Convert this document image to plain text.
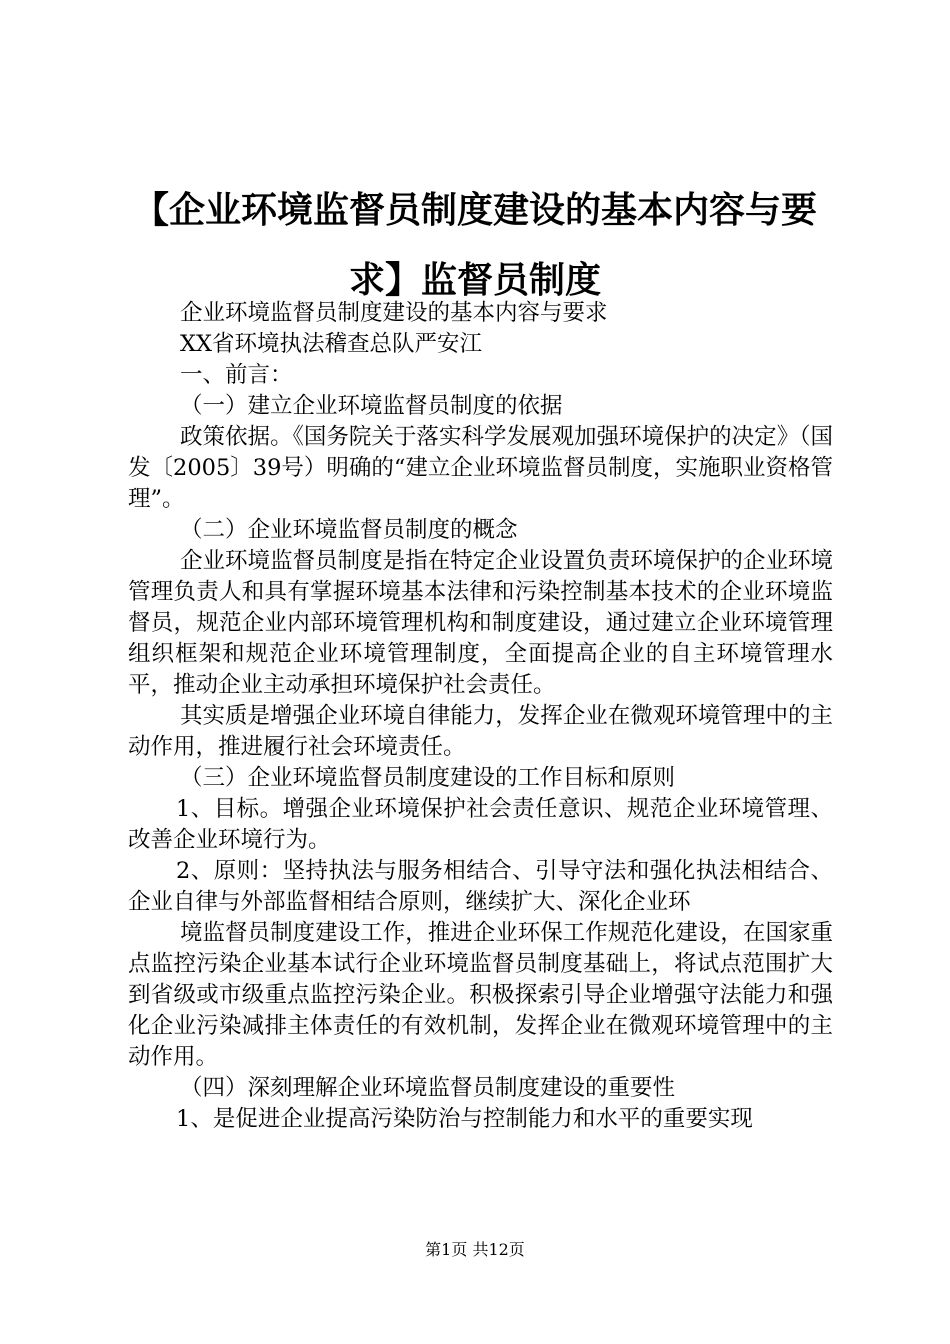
【企业环境监督员制度建设的基本内容与要
求】监督员制度

企业环境监督员制度建设的基本内容与要求

XX省环境执法稽查总队严安江

一、前言：

（一）建立企业环境监督员制度的依据

政策依据。《国务院关于落实科学发展观加强环境保护的决定》（国发〔2005〕39号）明确的“建立企业环境监督员制度，实施职业资格管理”。

（二）企业环境监督员制度的概念

企业环境监督员制度是指在特定企业设置负责环境保护的企业环境管理负责人和具有掌握环境基本法律和污染控制基本技术的企业环境监督员，规范企业内部环境管理机构和制度建设，通过建立企业环境管理组织框架和规范企业环境管理制度，全面提高企业的自主环境管理水平，推动企业主动承担环境保护社会责任。

其实质是增强企业环境自律能力，发挥企业在微观环境管理中的主动作用，推进履行社会环境责任。

（三）企业环境监督员制度建设的工作目标和原则

1、目标。增强企业环境保护社会责任意识、规范企业环境管理、改善企业环境行为。

2、原则：坚持执法与服务相结合、引导守法和强化执法相结合、企业自律与外部监督相结合原则，继续扩大、深化企业环

境监督员制度建设工作，推进企业环保工作规范化建设，在国家重点监控污染企业基本试行企业环境监督员制度基础上，将试点范围扩大到省级或市级重点监控污染企业。积极探索引导企业增强守法能力和强化企业污染减排主体责任的有效机制，发挥企业在微观环境管理中的主动作用。

（四）深刻理解企业环境监督员制度建设的重要性

1、是促进企业提高污染防治与控制能力和水平的重要实现

第1页 共12页
